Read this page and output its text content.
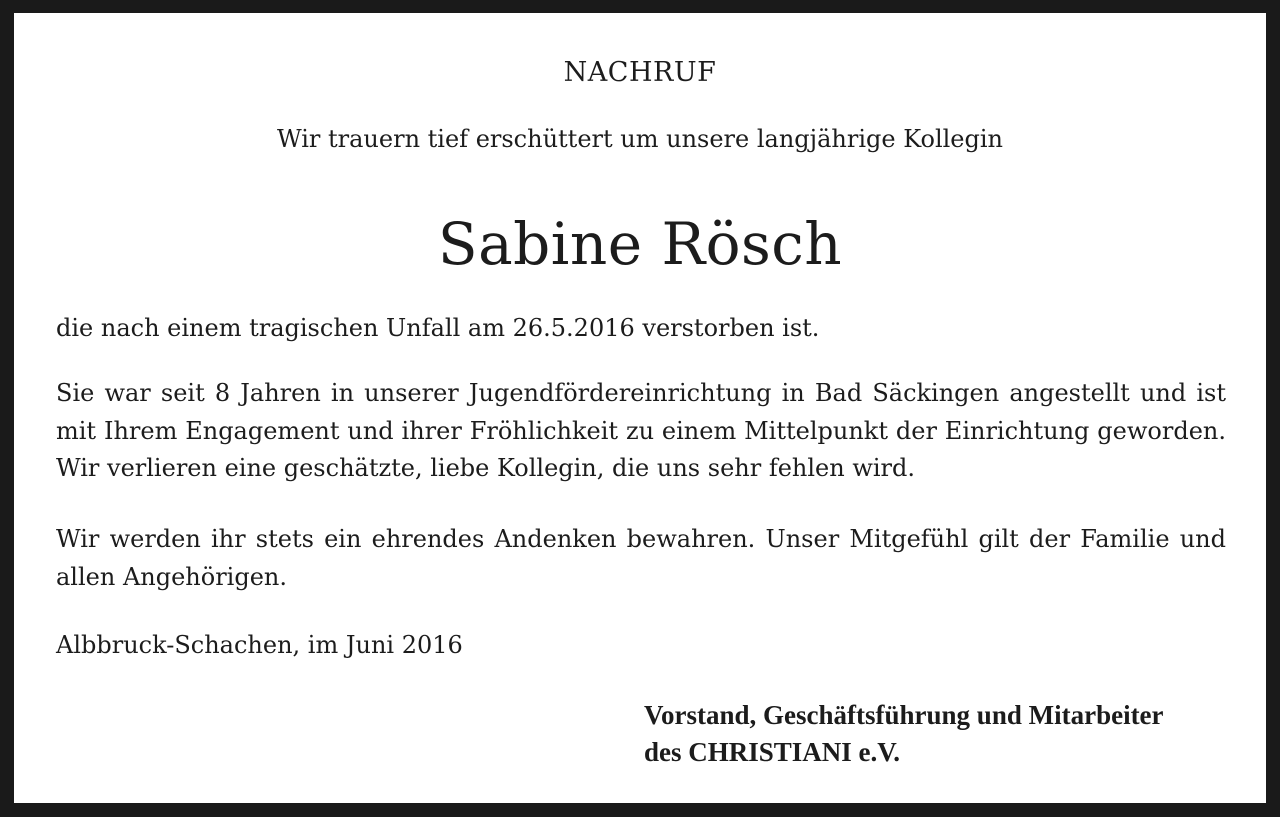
NACHRUF
Wir trauern tief erschüttert um unsere langjährige Kollegin
Sabine Rösch
die nach einem tragischen Unfall am 26.5.2016 verstorben ist.
Sie war seit 8 Jahren in unserer Jugendfördereinrichtung in Bad Säckingen angestellt und ist mit Ihrem Engagement und ihrer Fröhlichkeit zu einem Mittelpunkt der Einrichtung geworden. Wir verlieren eine geschätzte, liebe Kollegin, die uns sehr fehlen wird.
Wir werden ihr stets ein ehrendes Andenken bewahren. Unser Mitgefühl gilt der Familie und allen Angehörigen.
Albbruck-Schachen, im Juni 2016
Vorstand, Geschäftsführung und Mitarbeiter
des CHRISTIANI e.V.
